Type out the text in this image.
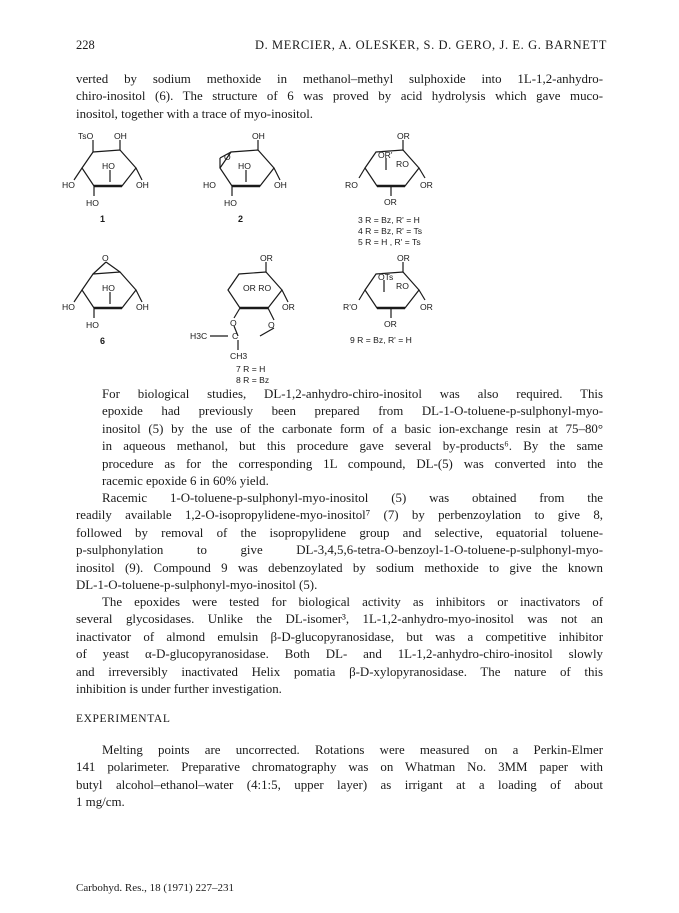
228	D. MERCIER, A. OLESKER, S. D. GERO, J. E. G. BARNETT
verted by sodium methoxide in methanol–methyl sulphoxide into 1L-1,2-anhydro-
chiro-inositol (6). The structure of 6 was proved by acid hydrolysis which gave muco-
inositol, together with a trace of myo-inositol.
TsO OH
HO
HO	OH
HO
1
OH
O
HO
HO	OH
HO
2
OR
OR'
RO
RO	OR
OR
3 R = Bz, R' = H
4 R = Bz, R' = Ts
5 R = H , R' = Ts
O
HO
HO	OH
HO
6
OR
OR RO
OR
O	O
H3C	C
CH3
7 R = H
8 R = Bz
OR
OTs
RO
R'O	OR
OR
9 R = Bz, R' = H
For biological studies, DL-1,2-anhydro-chiro-inositol was also required. This
epoxide had previously been prepared from DL-1-O-toluene-p-sulphonyl-myo-
inositol (5) by the use of the carbonate form of a basic ion-exchange resin at 75–80°
in aqueous methanol, but this procedure gave several by-products⁶. By the same
procedure as for the corresponding 1L compound, DL-(5) was converted into the
racemic epoxide 6 in 60% yield.
Racemic 1-O-toluene-p-sulphonyl-myo-inositol (5) was obtained from the
readily available 1,2-O-isopropylidene-myo-inositol⁷ (7) by perbenzoylation to give 8,
followed by removal of the isopropylidene group and selective, equatorial toluene-
p-sulphonylation to give DL-3,4,5,6-tetra-O-benzoyl-1-O-toluene-p-sulphonyl-myo-
inositol (9). Compound 9 was debenzoylated by sodium methoxide to give the known
DL-1-O-toluene-p-sulphonyl-myo-inositol (5).
The epoxides were tested for biological activity as inhibitors or inactivators of
several glycosidases. Unlike the DL-isomer³, 1L-1,2-anhydro-myo-inositol was not an
inactivator of almond emulsin β-D-glucopyranosidase, but was a competitive inhibitor
of yeast α-D-glucopyranosidase. Both DL- and 1L-1,2-anhydro-chiro-inositol slowly
and irreversibly inactivated Helix pomatia β-D-xylopyranosidase. The nature of this
inhibition is under further investigation.
EXPERIMENTAL
Melting points are uncorrected. Rotations were measured on a Perkin-Elmer
141 polarimeter. Preparative chromatography was on Whatman No. 3MM paper with
butyl alcohol–ethanol–water (4:1:5, upper layer) as irrigant at a loading of about
1 mg/cm.
Carbohyd. Res., 18 (1971) 227–231
